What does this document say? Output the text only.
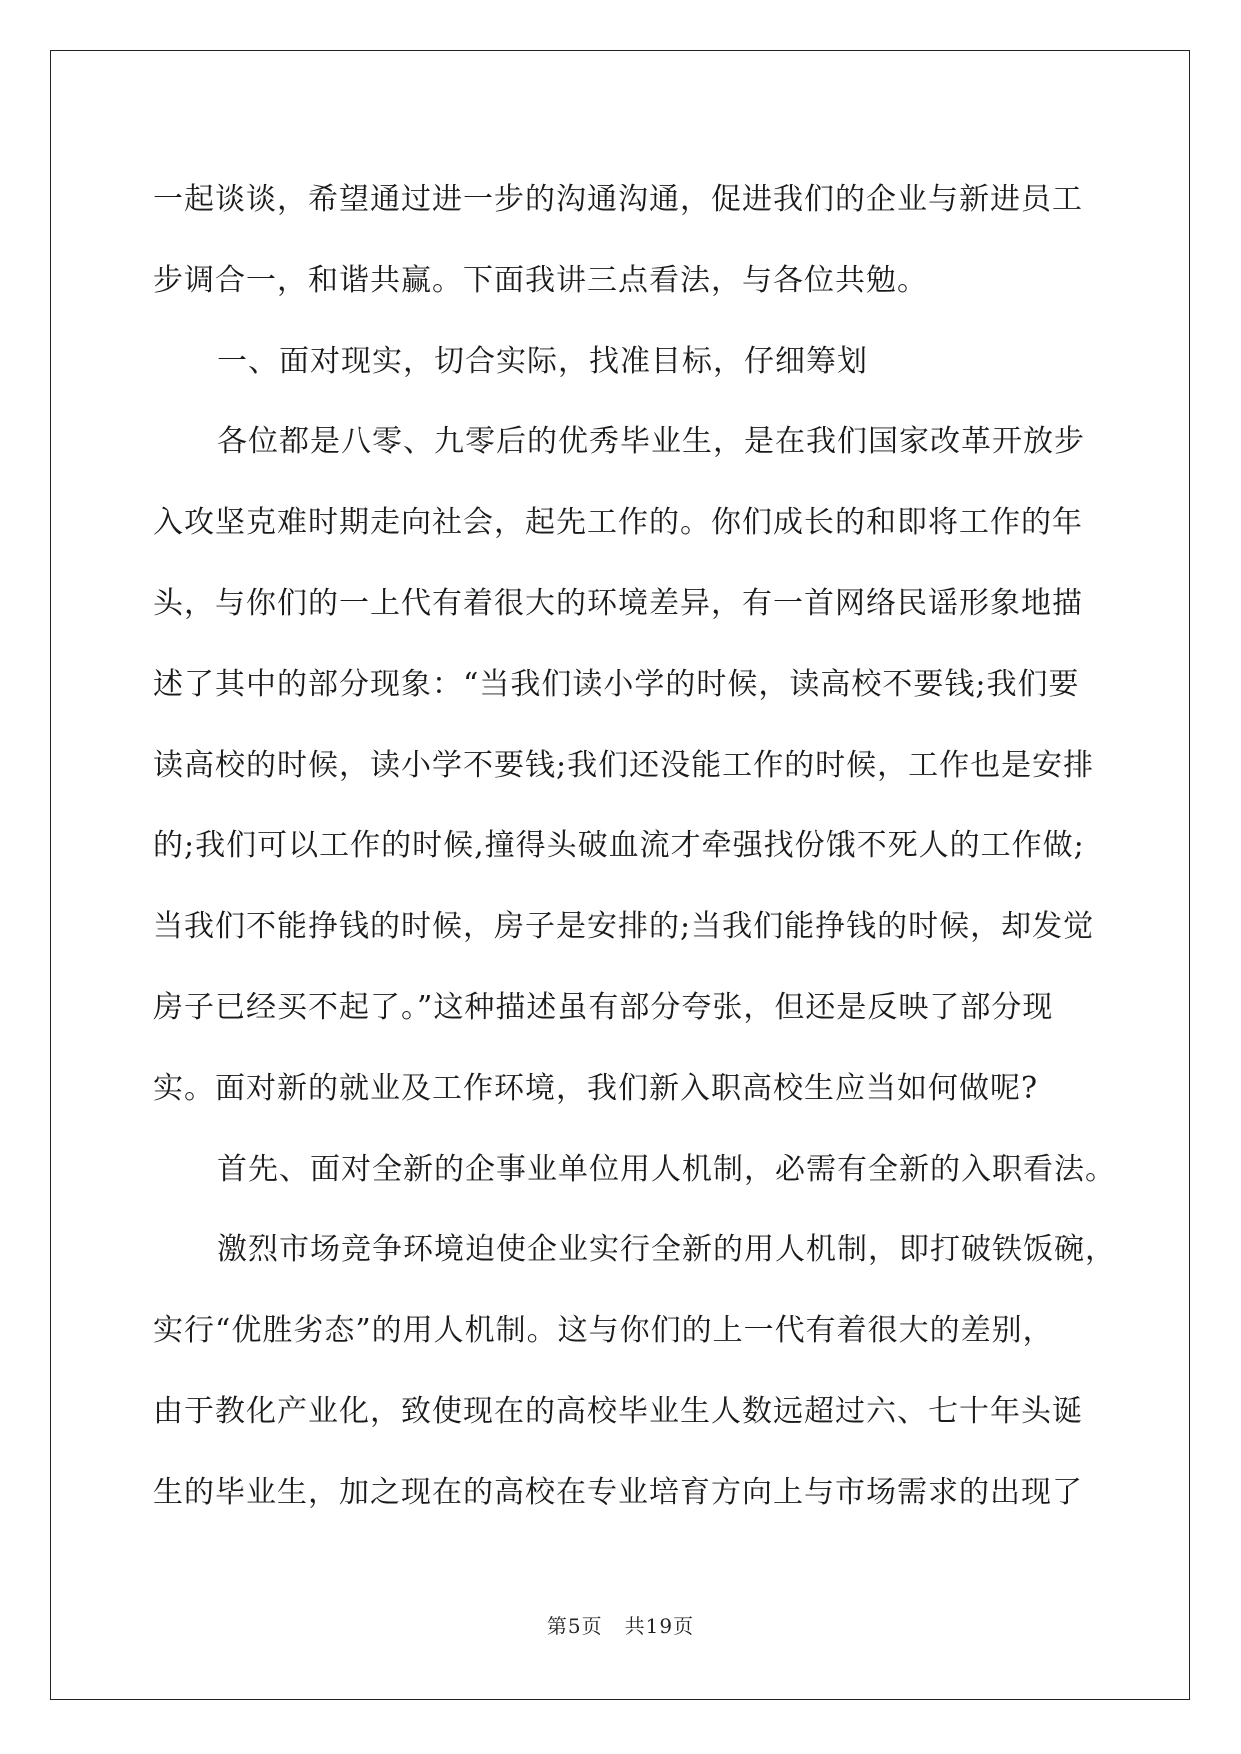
一起谈谈，希望通过进一步的沟通沟通，促进我们的企业与新进员工
步调合一，和谐共赢。下面我讲三点看法，与各位共勉。
一、面对现实，切合实际，找准目标，仔细筹划
各位都是八零、九零后的优秀毕业生，是在我们国家改革开放步
入攻坚克难时期走向社会，起先工作的。你们成长的和即将工作的年
头，与你们的一上代有着很大的环境差异，有一首网络民谣形象地描
述了其中的部分现象：“当我们读小学的时候，读高校不要钱;我们要
读高校的时候，读小学不要钱;我们还没能工作的时候，工作也是安排
的;我们可以工作的时候,撞得头破血流才牵强找份饿不死人的工作做;
当我们不能挣钱的时候，房子是安排的;当我们能挣钱的时候，却发觉
房子已经买不起了。”这种描述虽有部分夸张，但还是反映了部分现
实。面对新的就业及工作环境，我们新入职高校生应当如何做呢?
首先、面对全新的企事业单位用人机制，必需有全新的入职看法。
激烈市场竞争环境迫使企业实行全新的用人机制，即打破铁饭碗，
实行“优胜劣态”的用人机制。这与你们的上一代有着很大的差别，
由于教化产业化，致使现在的高校毕业生人数远超过六、七十年头诞
生的毕业生，加之现在的高校在专业培育方向上与市场需求的出现了
第5页 共19页
